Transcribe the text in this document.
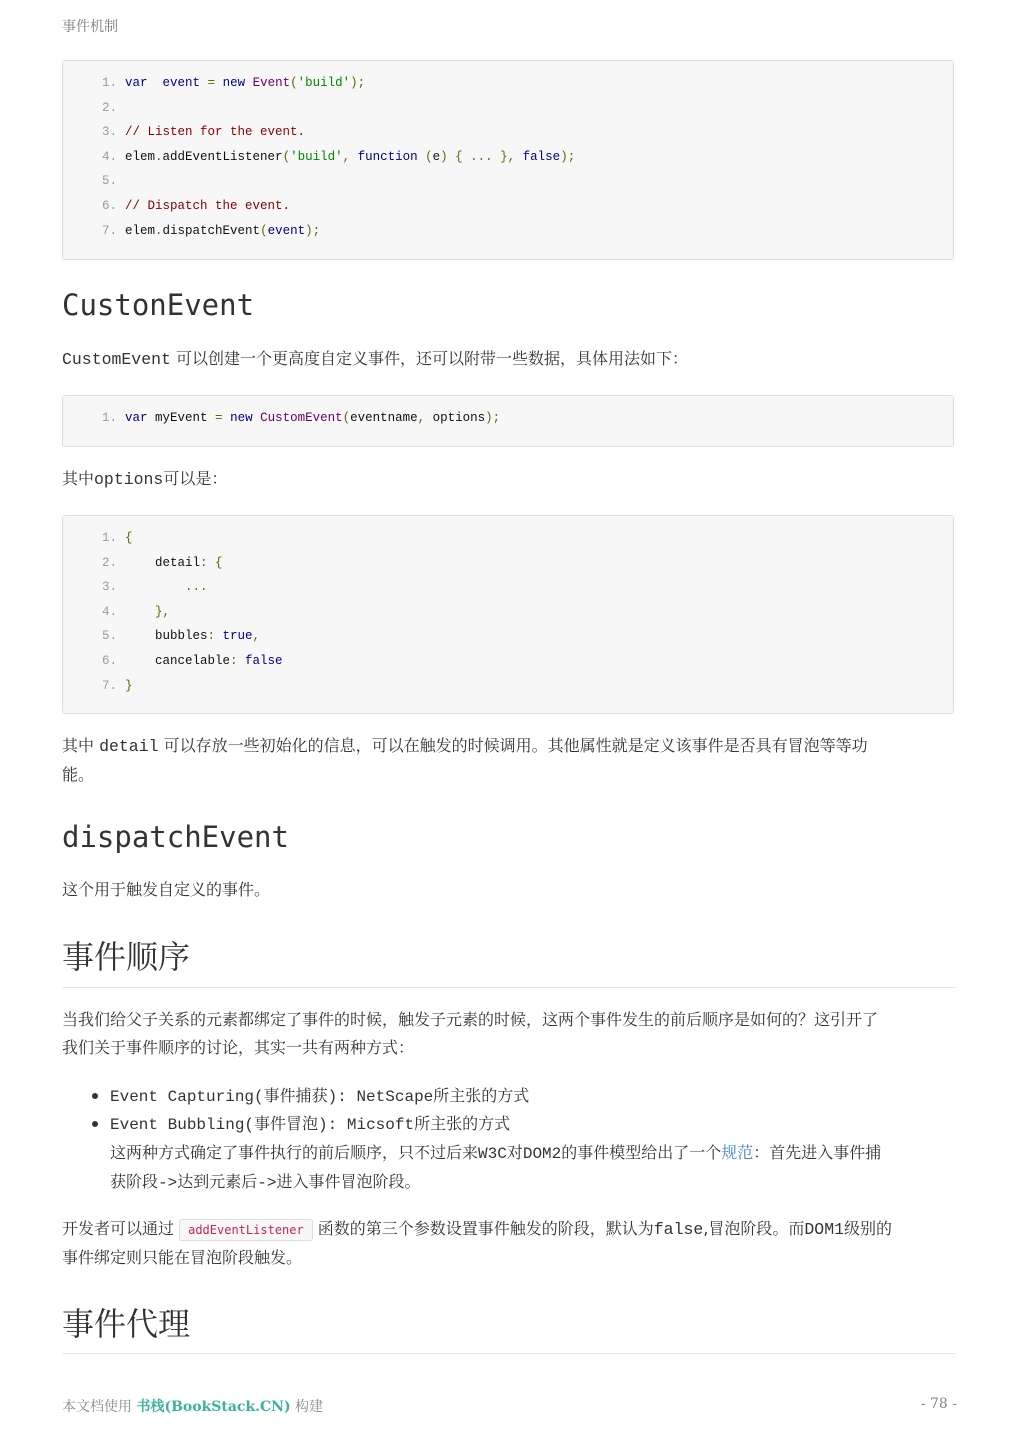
事件机制
1. var event = new Event('build');
2.
3. // Listen for the event.
4. elem.addEventListener('build', function (e) { ... }, false);
5.
6. // Dispatch the event.
7. elem.dispatchEvent(event);
CustonEvent
CustomEvent 可以创建一个更高度自定义事件，还可以附带一些数据，具体用法如下：
1. var myEvent = new CustomEvent(eventname, options);
其中options可以是：
1. {
2. detail: {
3. ...
4. },
5. bubbles: true,
6. cancelable: false
7. }
其中 detail 可以存放一些初始化的信息，可以在触发的时候调用。其他属性就是定义该事件是否具有冒泡等等功
能。
dispatchEvent
这个用于触发自定义的事件。
事件顺序
当我们给父子关系的元素都绑定了事件的时候，触发子元素的时候，这两个事件发生的前后顺序是如何的？这引开了
我们关于事件顺序的讨论，其实一共有两种方式：
Event Capturing(事件捕获): NetScape所主张的方式
Event Bubbling(事件冒泡): Micsoft所主张的方式
这两种方式确定了事件执行的前后顺序，只不过后来W3C对DOM2的事件模型给出了一个规范：首先进入事件捕
获阶段->达到元素后->进入事件冒泡阶段。
开发者可以通过 addEventListener 函数的第三个参数设置事件触发的阶段，默认为false,冒泡阶段。而DOM1级别的
事件绑定则只能在冒泡阶段触发。
事件代理
本文档使用 书栈(BookStack.CN) 构建	- 78 -
